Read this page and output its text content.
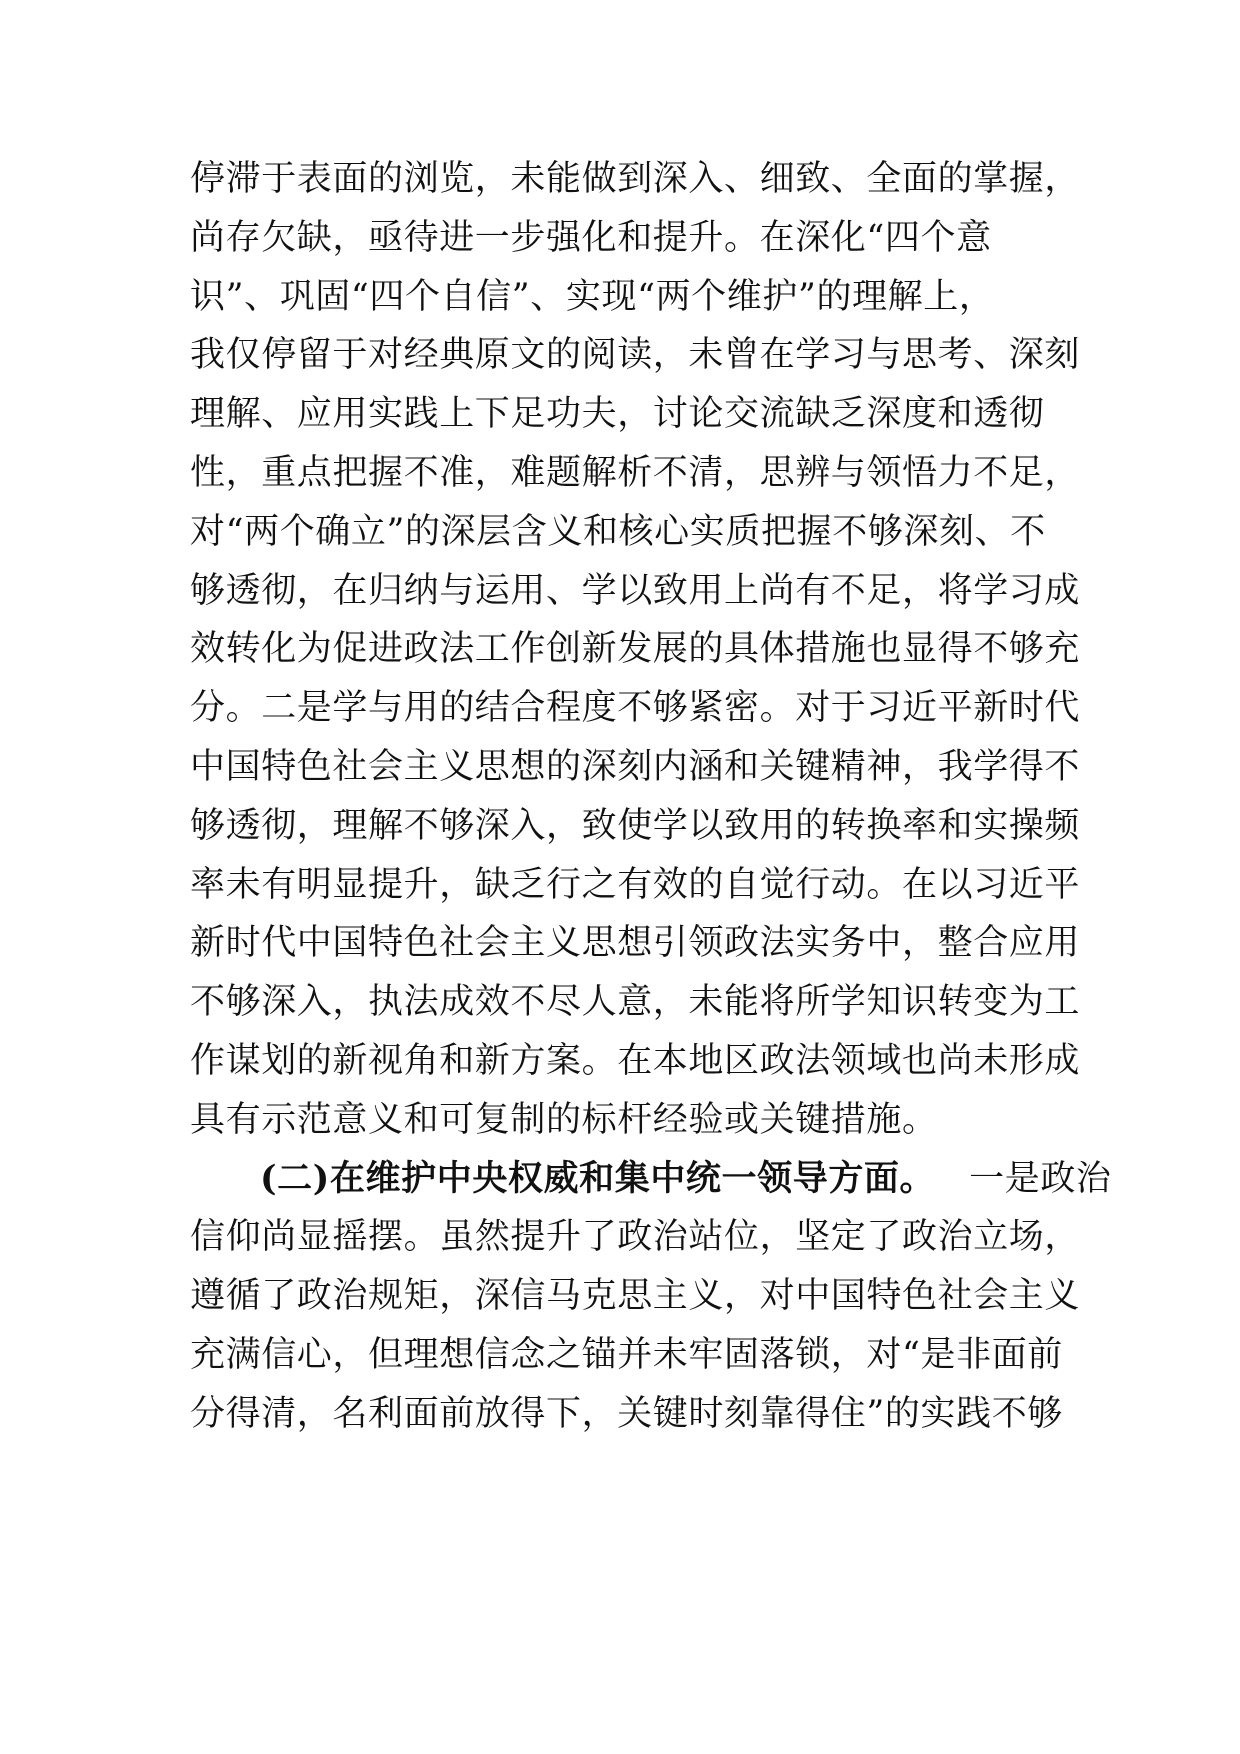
停滞于表面的浏览，未能做到深入、细致、全面的掌握，
尚存欠缺，亟待进一步强化和提升。在深化“四个意
识”、巩固“四个自信”、实现“两个维护”的理解上，
我仅停留于对经典原文的阅读，未曾在学习与思考、深刻
理解、应用实践上下足功夫，讨论交流缺乏深度和透彻
性，重点把握不准，难题解析不清，思辨与领悟力不足，
对“两个确立”的深层含义和核心实质把握不够深刻、不
够透彻，在归纳与运用、学以致用上尚有不足，将学习成
效转化为促进政法工作创新发展的具体措施也显得不够充
分。二是学与用的结合程度不够紧密。对于习近平新时代
中国特色社会主义思想的深刻内涵和关键精神，我学得不
够透彻，理解不够深入，致使学以致用的转换率和实操频
率未有明显提升，缺乏行之有效的自觉行动。在以习近平
新时代中国特色社会主义思想引领政法实务中，整合应用
不够深入，执法成效不尽人意，未能将所学知识转变为工
作谋划的新视角和新方案。在本地区政法领域也尚未形成
具有示范意义和可复制的标杆经验或关键措施。
(二)在维护中央权威和集中统一领导方面。 一是政治
信仰尚显摇摆。虽然提升了政治站位，坚定了政治立场，
遵循了政治规矩，深信马克思主义，对中国特色社会主义
充满信心，但理想信念之锚并未牢固落锁，对“是非面前
分得清，名利面前放得下，关键时刻靠得住”的实践不够
